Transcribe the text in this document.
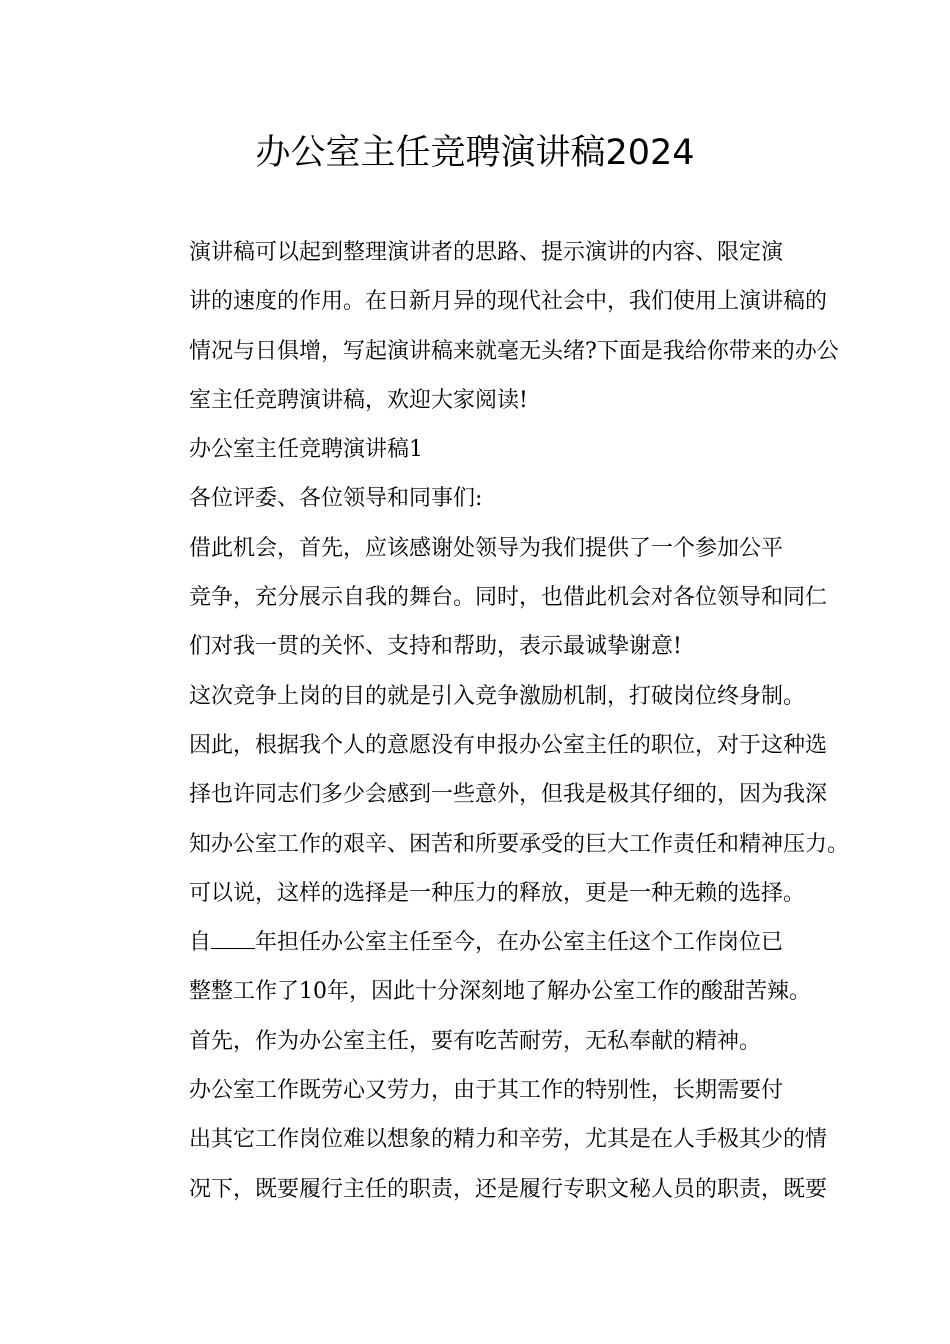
办公室主任竞聘演讲稿2024

演讲稿可以起到整理演讲者的思路、提示演讲的内容、限定演
讲的速度的作用。在日新月异的现代社会中，我们使用上演讲稿的
情况与日俱增，写起演讲稿来就毫无头绪?下面是我给你带来的办公
室主任竞聘演讲稿，欢迎大家阅读!

办公室主任竞聘演讲稿1

各位评委、各位领导和同事们:

借此机会，首先，应该感谢处领导为我们提供了一个参加公平
竞争，充分展示自我的舞台。同时，也借此机会对各位领导和同仁
们对我一贯的关怀、支持和帮助，表示最诚挚谢意!

这次竞争上岗的目的就是引入竞争激励机制，打破岗位终身制。
因此，根据我个人的意愿没有申报办公室主任的职位，对于这种选
择也许同志们多少会感到一些意外，但我是极其仔细的，因为我深
知办公室工作的艰辛、困苦和所要承受的巨大工作责任和精神压力。
可以说，这样的选择是一种压力的释放，更是一种无赖的选择。

自 年担任办公室主任至今，在办公室主任这个工作岗位已
整整工作了10年，因此十分深刻地了解办公室工作的酸甜苦辣。

首先，作为办公室主任，要有吃苦耐劳，无私奉献的精神。

办公室工作既劳心又劳力，由于其工作的特别性，长期需要付
出其它工作岗位难以想象的精力和辛劳，尤其是在人手极其少的情
况下，既要履行主任的职责，还是履行专职文秘人员的职责，既要
